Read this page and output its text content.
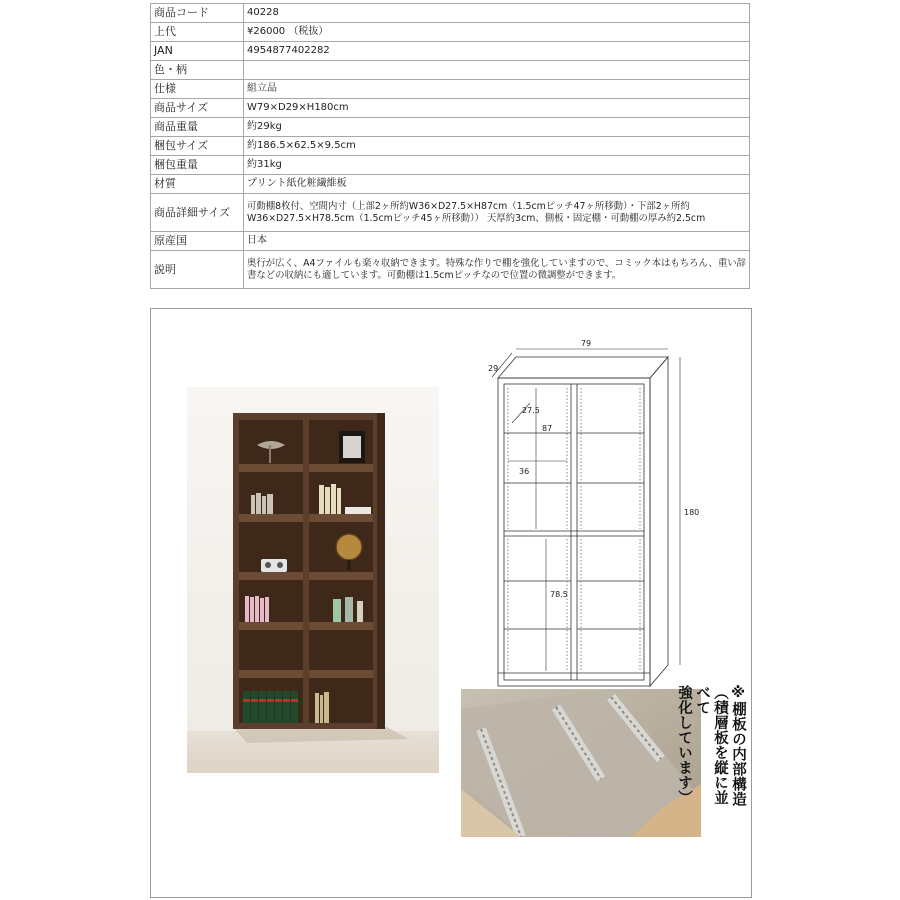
商品コード	40228
上代	¥26000 （税抜）
JAN	4954877402282
色・柄	
仕様	組立品
商品サイズ	W79×D29×H180cm
商品重量	約29kg
梱包サイズ	約186.5×62.5×9.5cm
梱包重量	約31kg
材質	プリント紙化粧繊維板
商品詳細サイズ	可動棚8枚付、空間内寸（上部2ヶ所約W36×D27.5×H87cm（1.5cmピッチ47ヶ所移動）・下部2ヶ所約W36×D27.5×H78.5cm（1.5cmピッチ45ヶ所移動）） 天厚約3cm、側板・固定棚・可動棚の厚み約2.5cm
原産国	日本
説明	奥行が広く、A4ファイルも楽々収納できます。特殊な作りで棚を強化していますので、コミック本はもちろん、重い辞書などの収納にも適しています。可動棚は1.5cmピッチなので位置の微調整ができます。
79
29
180
27.5
87
36
78.5
※棚板の内部構造
（積層板を縦に並べて
強化しています）
